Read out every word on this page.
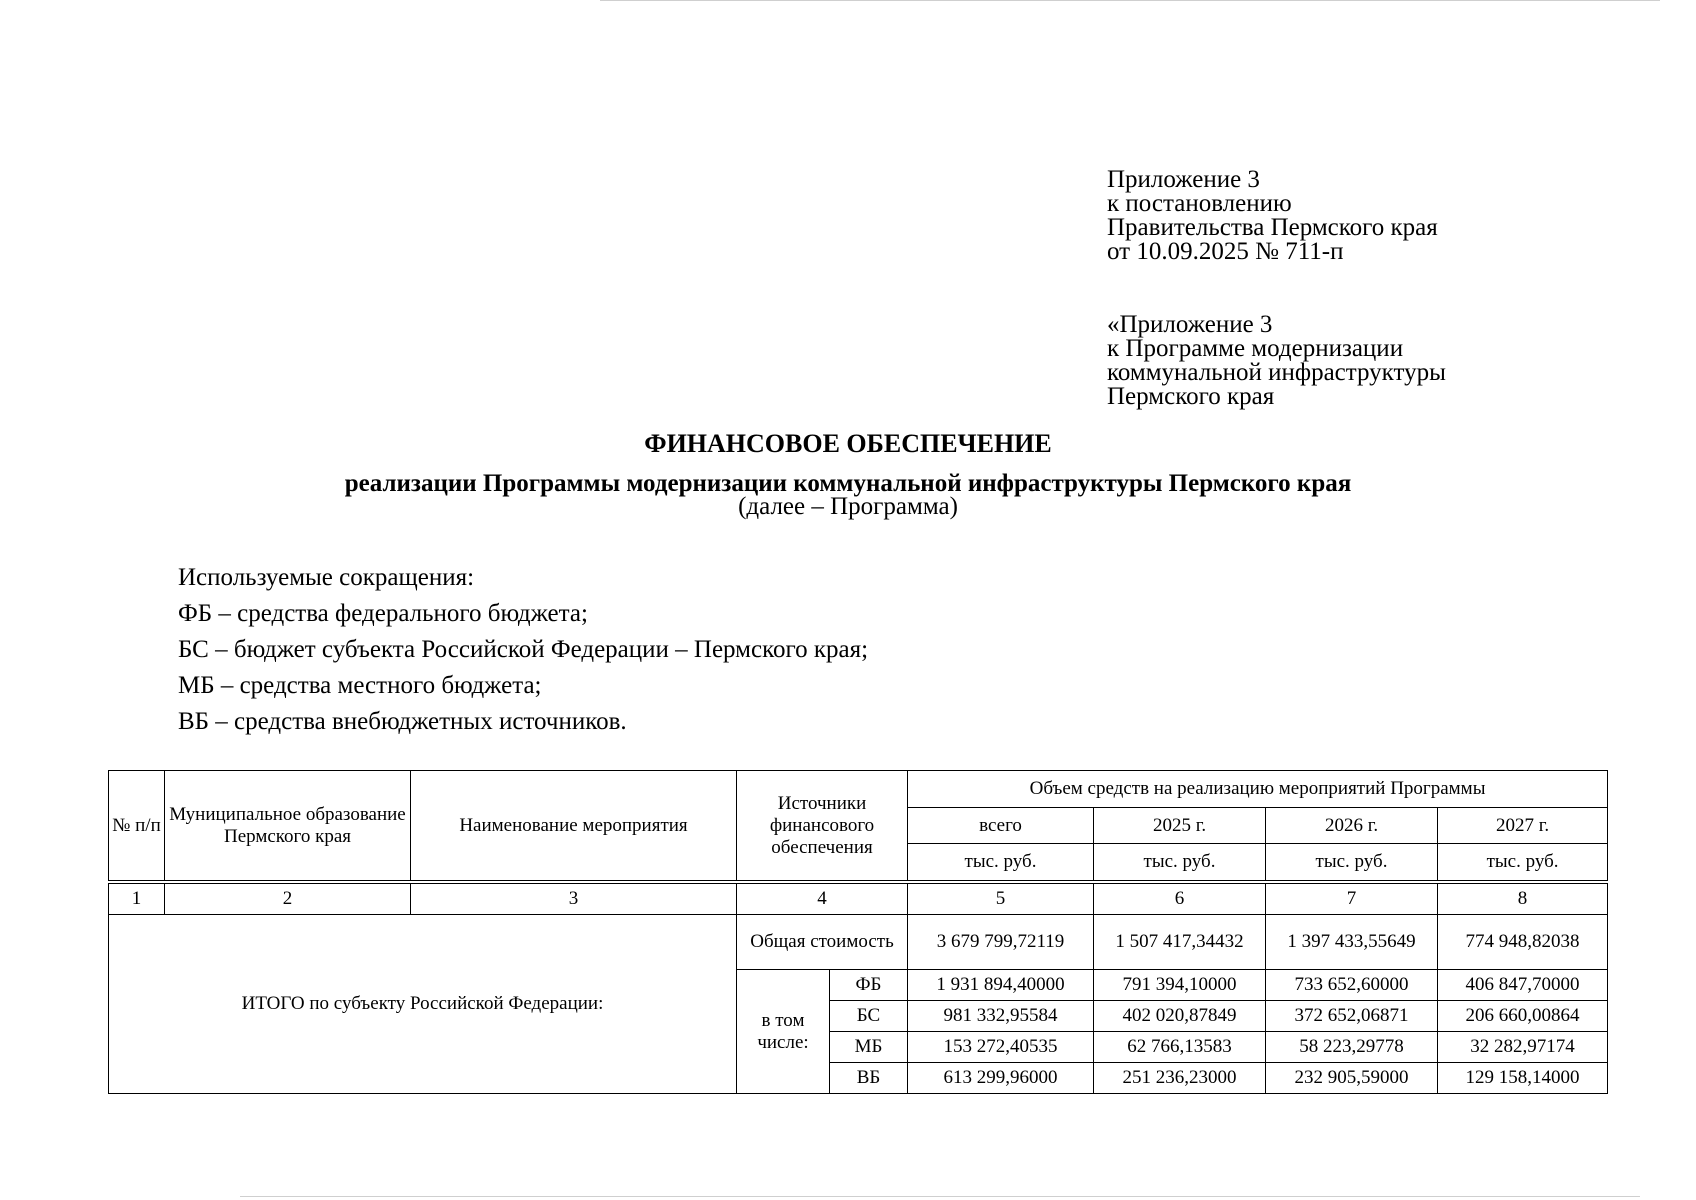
Приложение 3
к постановлению
Правительства Пермского края
от 10.09.2025 № 711-п
«Приложение 3
к Программе модернизации
коммунальной инфраструктуры
Пермского края
ФИНАНСОВОЕ ОБЕСПЕЧЕНИЕ
реализации Программы модернизации коммунальной инфраструктуры Пермского края
(далее – Программа)
Используемые сокращения:
ФБ – средства федерального бюджета;
БС – бюджет субъекта Российской Федерации – Пермского края;
МБ – средства местного бюджета;
ВБ – средства внебюджетных источников.
№ п/п	Муниципальное образование Пермского края	Наименование мероприятия	Источники финансового обеспечения		Объем средств на реализацию мероприятий Программы			
					всего	2025 г.	2026 г.	2027 г.
					тыс. руб.	тыс. руб.	тыс. руб.	тыс. руб.

1	2	3	4		5	6	7	8
ИТОГО по субъекту Российской Федерации:			Общая стоимость		3 679 799,72119	1 507 417,34432	1 397 433,55649	774 948,82038
			в том числе:	ФБ	1 931 894,40000	791 394,10000	733 652,60000	406 847,70000
				БС	981 332,95584	402 020,87849	372 652,06871	206 660,00864
				МБ	153 272,40535	62 766,13583	58 223,29778	32 282,97174
				ВБ	613 299,96000	251 236,23000	232 905,59000	129 158,14000
